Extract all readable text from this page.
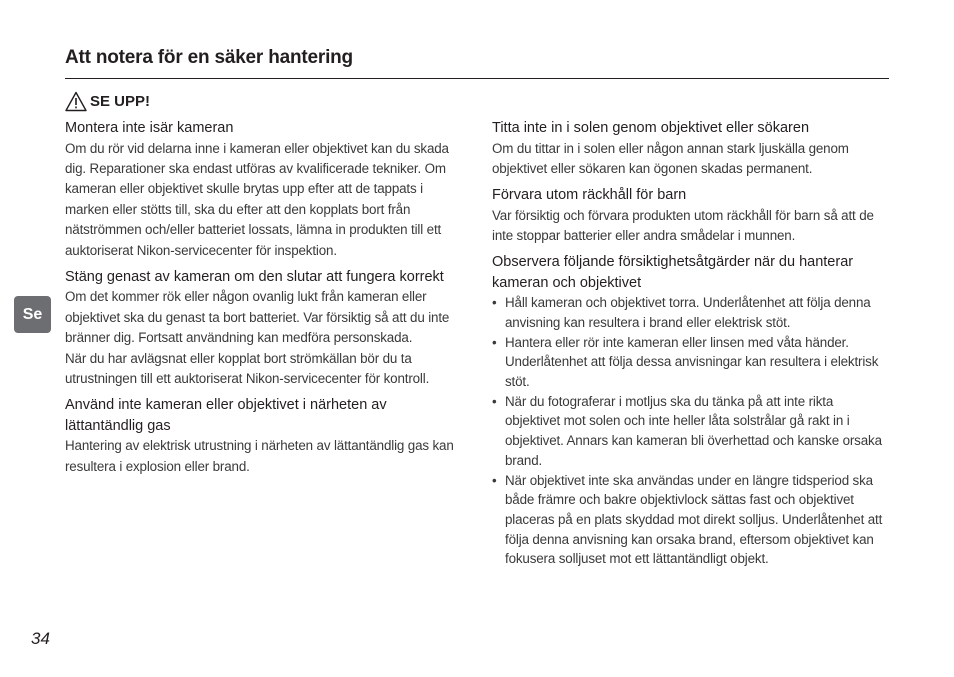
Att notera för en säker hantering
SE UPP!
Montera inte isär kameran
Om du rör vid delarna inne i kameran eller objektivet kan du skada dig. Reparationer ska endast utföras av kvalificerade tekniker. Om kameran eller objektivet skulle brytas upp efter att de tappats i marken eller stötts till, ska du efter att den kopplats bort från nätströmmen och/eller batteriet lossats, lämna in produkten till ett auktoriserat Nikon-servicecenter för inspektion.
Stäng genast av kameran om den slutar att fungera korrekt
Om det kommer rök eller någon ovanlig lukt från kameran eller objektivet ska du genast ta bort batteriet. Var försiktig så att du inte bränner dig. Fortsatt användning kan medföra personskada.
När du har avlägsnat eller kopplat bort strömkällan bör du ta utrustningen till ett auktoriserat Nikon-servicecenter för kontroll.
Använd inte kameran eller objektivet i närheten av lättantändlig gas
Hantering av elektrisk utrustning i närheten av lättantändlig gas kan resultera i explosion eller brand.
Titta inte in i solen genom objektivet eller sökaren
Om du tittar in i solen eller någon annan stark ljuskälla genom objektivet eller sökaren kan ögonen skadas permanent.
Förvara utom räckhåll för barn
Var försiktig och förvara produkten utom räckhåll för barn så att de inte stoppar batterier eller andra smådelar i munnen.
Observera följande försiktighetsåtgärder när du hanterar kameran och objektivet
• Håll kameran och objektivet torra. Underlåtenhet att följa denna anvisning kan resultera i brand eller elektrisk stöt.
• Hantera eller rör inte kameran eller linsen med våta händer. Underlåtenhet att följa dessa anvisningar kan resultera i elektrisk stöt.
• När du fotograferar i motljus ska du tänka på att inte rikta objektivet mot solen och inte heller låta solstrålar gå rakt in i objektivet. Annars kan kameran bli överhettad och kanske orsaka brand.
• När objektivet inte ska användas under en längre tidsperiod ska både främre och bakre objektivlock sättas fast och objektivet placeras på en plats skyddad mot direkt solljus. Underlåtenhet att följa denna anvisning kan orsaka brand, eftersom objektivet kan fokusera solljuset mot ett lättantändligt objekt.
Se
34
